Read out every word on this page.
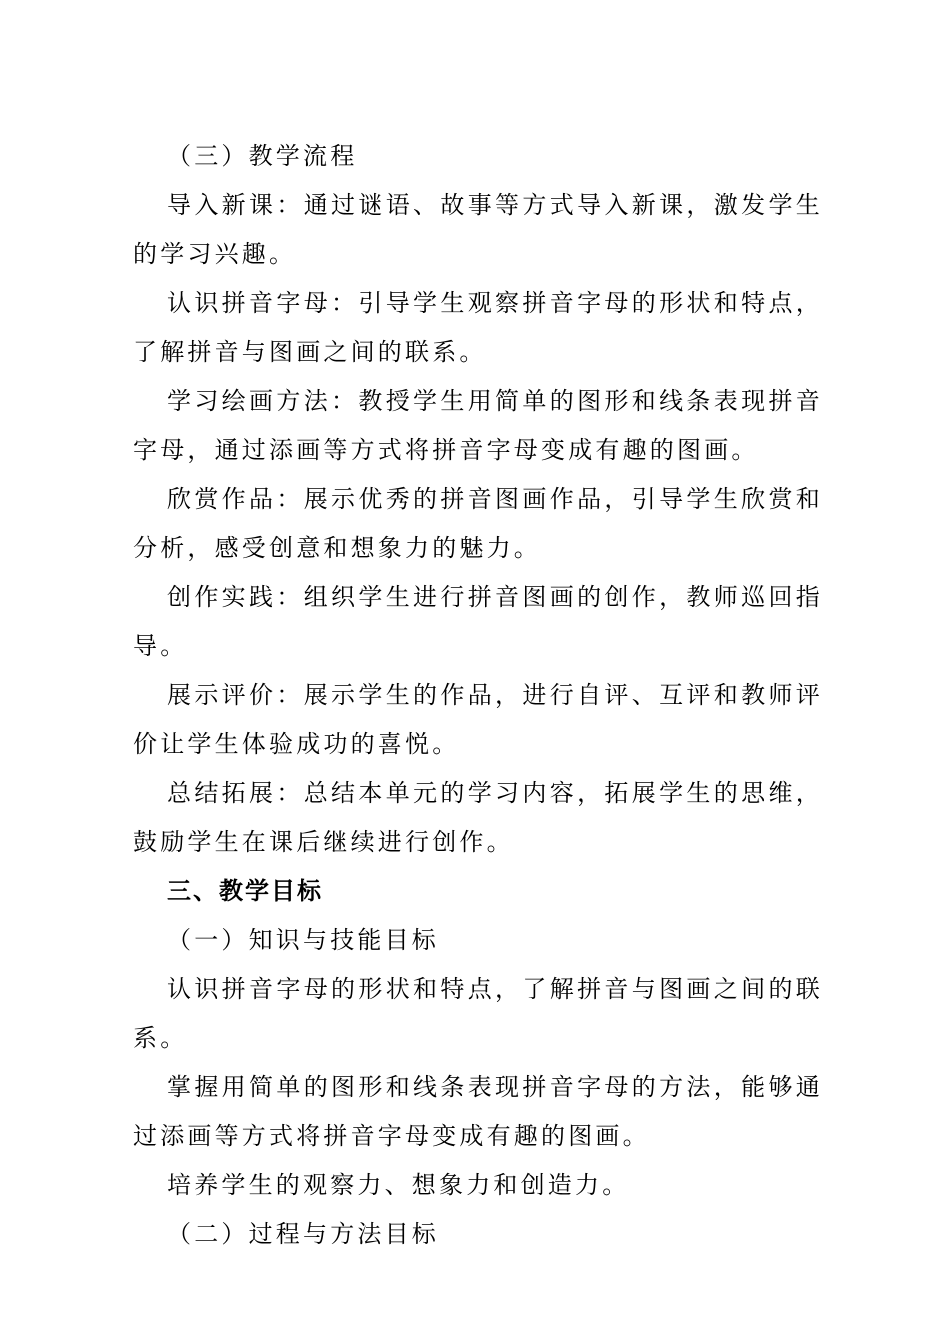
（三）教学流程

导入新课：通过谜语、故事等方式导入新课，激发学生的学习兴趣。

认识拼音字母：引导学生观察拼音字母的形状和特点，了解拼音与图画之间的联系。

学习绘画方法：教授学生用简单的图形和线条表现拼音字母，通过添画等方式将拼音字母变成有趣的图画。

欣赏作品：展示优秀的拼音图画作品，引导学生欣赏和分析，感受创意和想象力的魅力。

创作实践：组织学生进行拼音图画的创作，教师巡回指导。

展示评价：展示学生的作品，进行自评、互评和教师评价让学生体验成功的喜悦。

总结拓展：总结本单元的学习内容，拓展学生的思维，鼓励学生在课后继续进行创作。

三、教学目标

（一）知识与技能目标

认识拼音字母的形状和特点，了解拼音与图画之间的联系。

掌握用简单的图形和线条表现拼音字母的方法，能够通过添画等方式将拼音字母变成有趣的图画。

培养学生的观察力、想象力和创造力。

（二）过程与方法目标
